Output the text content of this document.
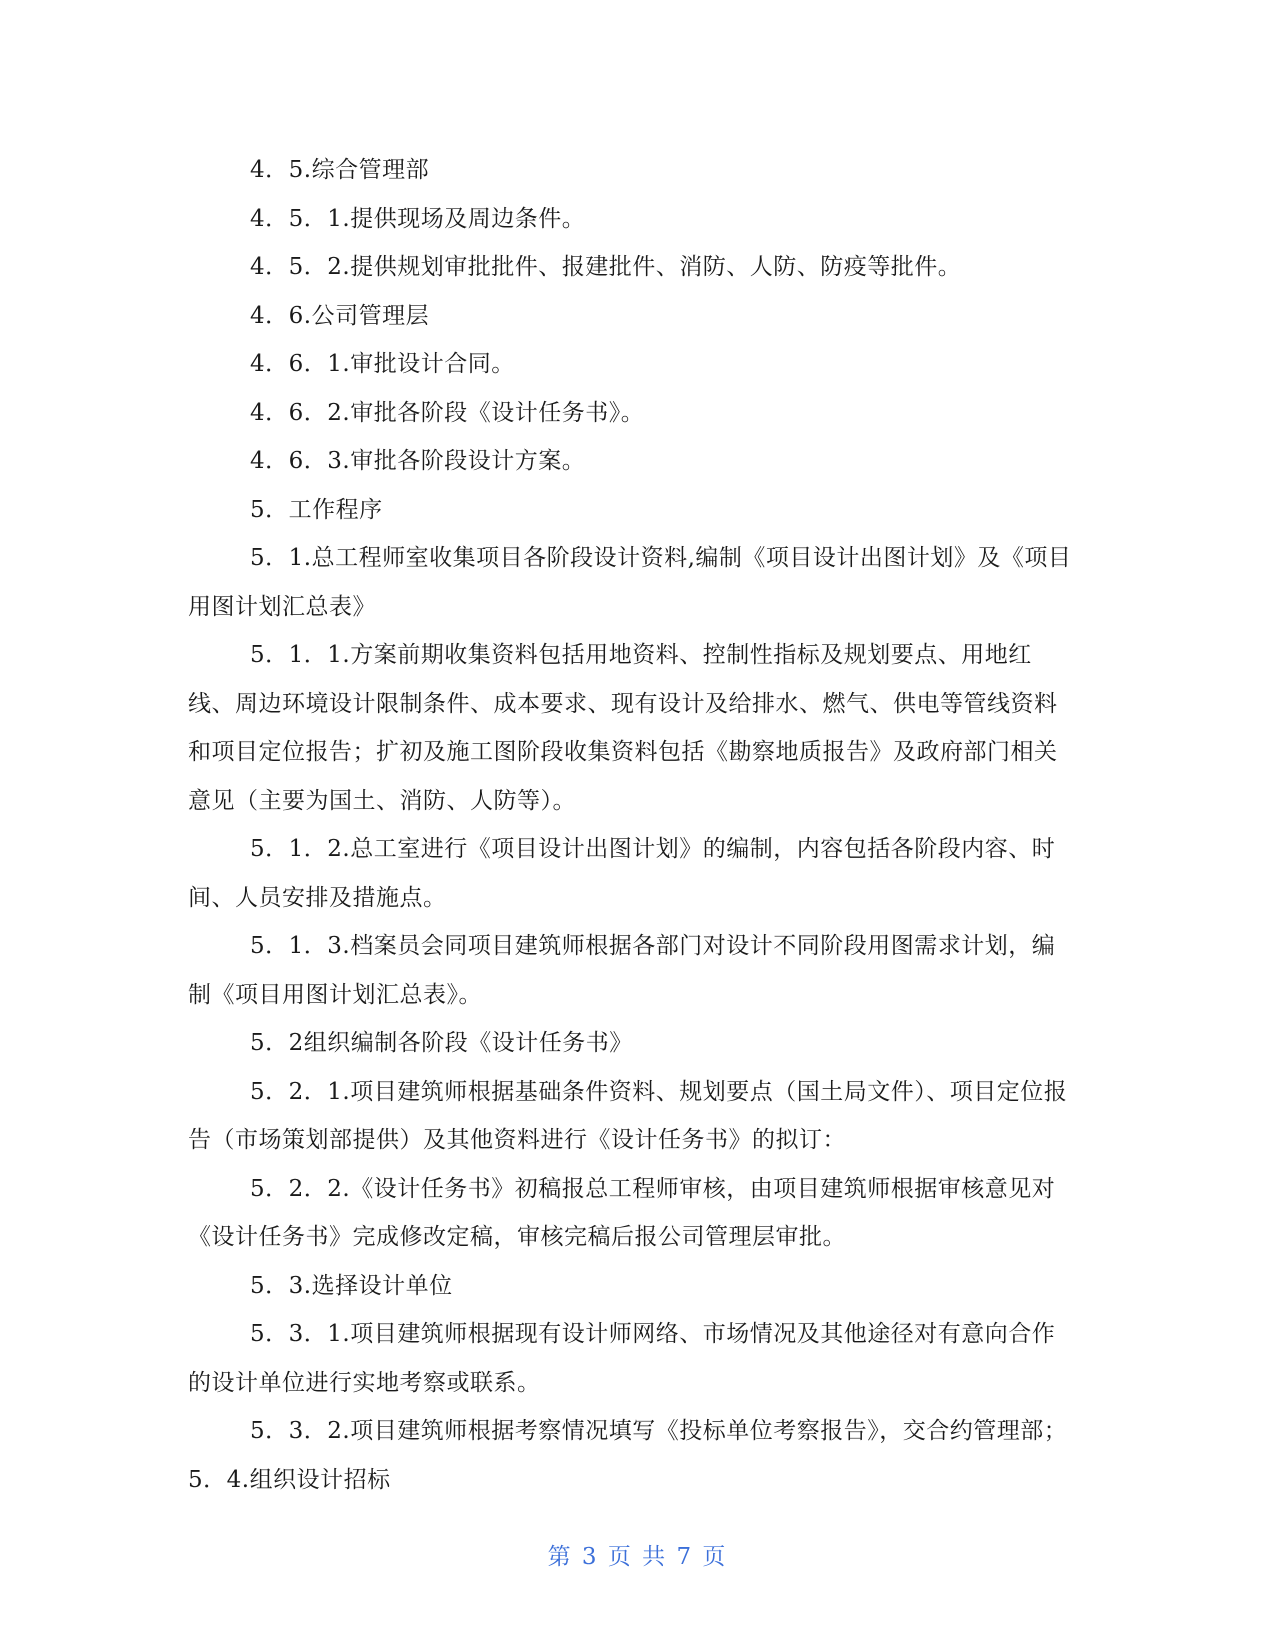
4．5.综合管理部

4．5．1.提供现场及周边条件。

4．5．2.提供规划审批批件、报建批件、消防、人防、防疫等批件。

4．6.公司管理层

4．6．1.审批设计合同。

4．6．2.审批各阶段《设计任务书》。

4．6．3.审批各阶段设计方案。

5．工作程序

5．1.总工程师室收集项目各阶段设计资料,编制《项目设计出图计划》及《项目用图计划汇总表》

5．1．1.方案前期收集资料包括用地资料、控制性指标及规划要点、用地红线、周边环境设计限制条件、成本要求、现有设计及给排水、燃气、供电等管线资料和项目定位报告；扩初及施工图阶段收集资料包括《勘察地质报告》及政府部门相关意见（主要为国土、消防、人防等）。

5．1．2.总工室进行《项目设计出图计划》的编制，内容包括各阶段内容、时间、人员安排及措施点。

5．1．3.档案员会同项目建筑师根据各部门对设计不同阶段用图需求计划，编制《项目用图计划汇总表》。

5．2组织编制各阶段《设计任务书》

5．2．1.项目建筑师根据基础条件资料、规划要点（国土局文件）、项目定位报告（市场策划部提供）及其他资料进行《设计任务书》的拟订：

5．2．2.《设计任务书》初稿报总工程师审核，由项目建筑师根据审核意见对《设计任务书》完成修改定稿，审核完稿后报公司管理层审批。

5．3.选择设计单位

5．3．1.项目建筑师根据现有设计师网络、市场情况及其他途径对有意向合作的设计单位进行实地考察或联系。

5．3．2.项目建筑师根据考察情况填写《投标单位考察报告》，交合约管理部；5．4.组织设计招标

第 3 页 共 7 页
